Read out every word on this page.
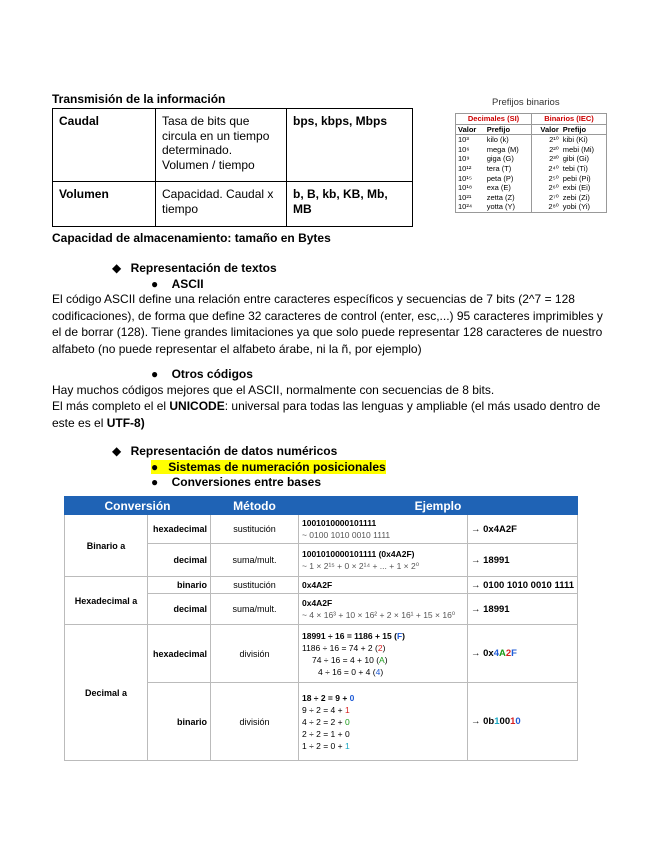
Transmisión de la información
Caudal	Tasa de bits que circula en un tiempo determinado. Volumen / tiempo	bps, kbps, Mbps
Volumen	Capacidad. Caudal x tiempo	b, B, kb, KB, Mb, MB
Prefijos binarios
Decimales (SI)		Binarios (IEC)	
Valor	Prefijo	Valor	Prefijo
10³	kilo (k)	2¹⁰	kibi (Ki)
10⁶	mega (M)	2²⁰	mebi (Mi)
10⁹	giga (G)	2³⁰	gibi (Gi)
10¹²	tera (T)	2⁴⁰	tebi (Ti)
10¹⁵	peta (P)	2⁵⁰	pebi (Pi)
10¹⁸	exa (E)	2⁶⁰	exbi (Ei)
10²¹	zetta (Z)	2⁷⁰	zebi (Zi)
10²⁴	yotta (Y)	2⁸⁰	yobi (Yi)
Capacidad de almacenamiento: tamaño en Bytes
◆ Representación de textos
● ASCII
El código ASCII define una relación entre caracteres específicos y secuencias de 7 bits (2^7 = 128 codificaciones), de forma que define 32 caracteres de control (enter, esc,...) 95 caracteres imprimibles y el de borrar (128). Tiene grandes limitaciones ya que solo puede representar 128 caracteres de nuestro alfabeto (no puede representar el alfabeto árabe, ni la ñ, por ejemplo)
● Otros códigos
Hay muchos códigos mejores que el ASCII, normalmente con secuencias de 8 bits.
El más completo el el UNICODE: universal para todas las lenguas y ampliable (el más usado dentro de este es el UTF-8)
◆ Representación de datos numéricos
● Sistemas de numeración posicionales
● Conversiones entre bases
Conversión		Método	Ejemplo	
Binario a	hexadecimal	sustitución	1001010000101111
~ 0100 1010 0010 1111	→ 0x4A2F
	decimal	suma/mult.	1001010000101111 (0x4A2F)
~ 1 × 2¹⁵ + 0 × 2¹⁴ + ... + 1 × 2⁰	→ 18991
Hexadecimal a	binario	sustitución	0x4A2F	→ 0100 1010 0010 1111
	decimal	suma/mult.	0x4A2F
~ 4 × 16³ + 10 × 16² + 2 × 16¹ + 15 × 16⁰	→ 18991
Decimal a	hexadecimal	división	18991 ÷ 16 = 1186 + 15 (F)
1186 ÷ 16 = 74 + 2 (2)
74 ÷ 16 = 4 + 10 (A)
4 ÷ 16 = 0 + 4 (4)	→ 0x4A2F
	binario	división	18 ÷ 2 = 9 + 0
9 ÷ 2 = 4 + 1
4 ÷ 2 = 2 + 0
2 ÷ 2 = 1 + 0
1 ÷ 2 = 0 + 1	→ 0b10010
